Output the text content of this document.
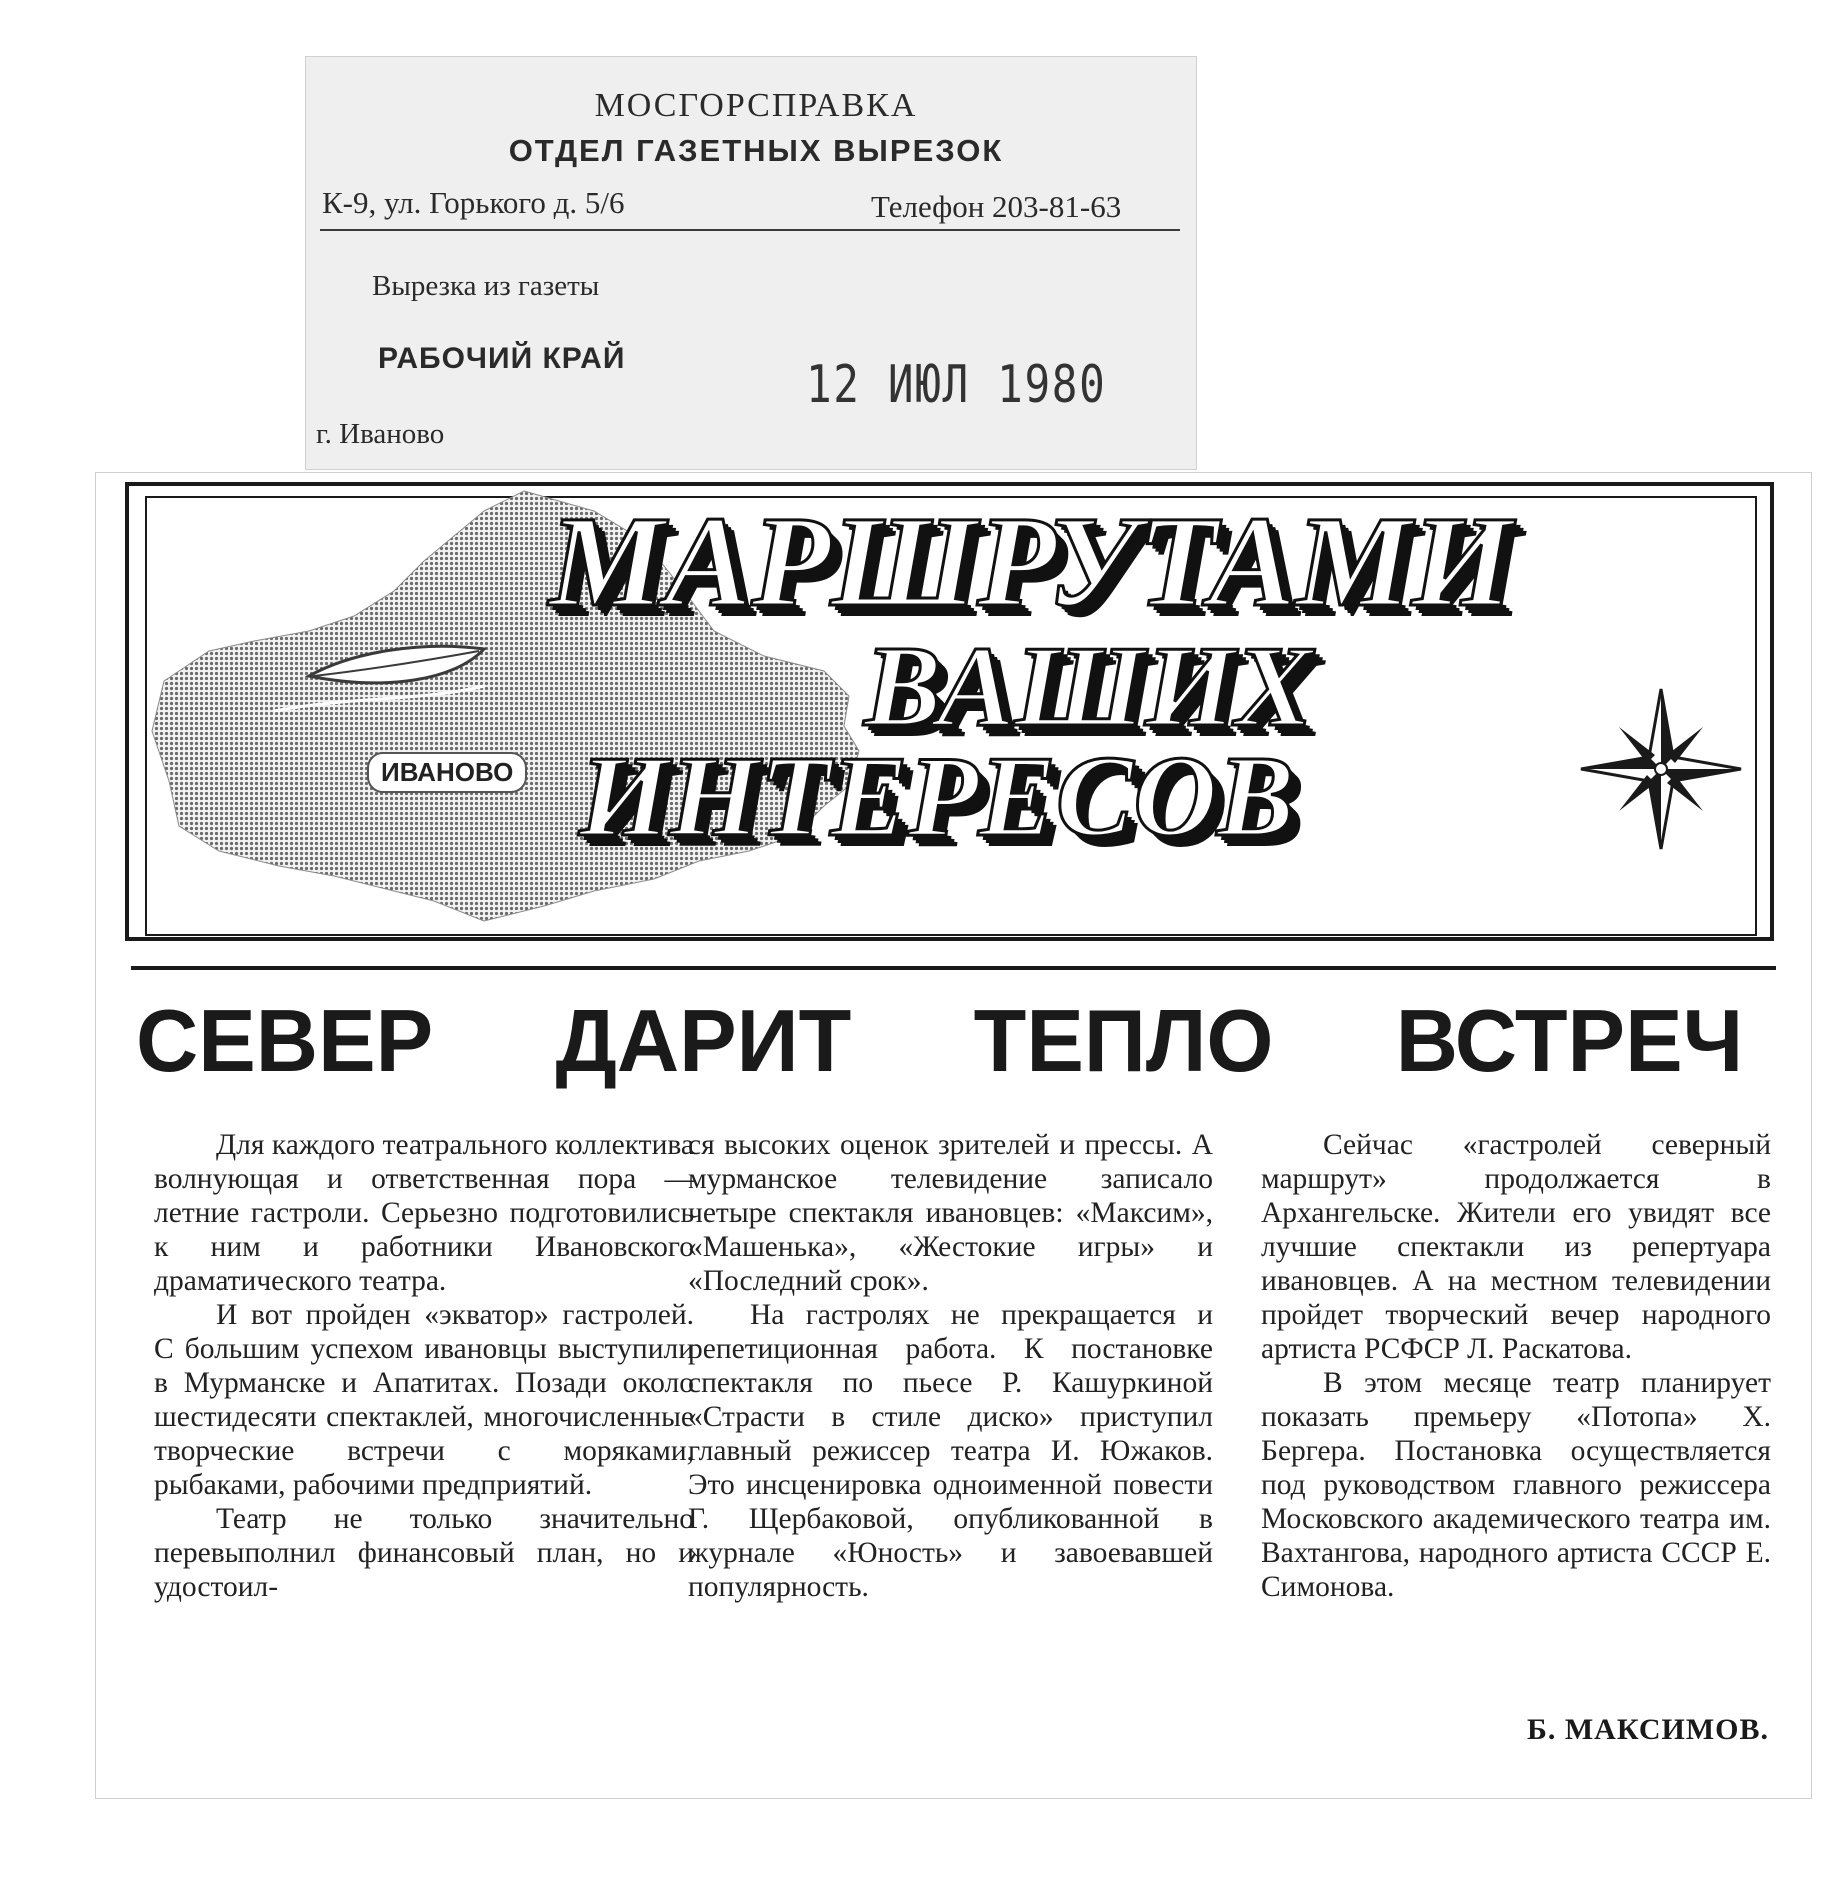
МОСГОРСПРАВКА
ОТДЕЛ ГАЗЕТНЫХ ВЫРЕЗОК
К-9, ул. Горького д. 5/6	Телефон 203-81-63
Вырезка из газеты
РАБОЧИЙ КРАЙ	12 ИЮЛ 1980
г. Иваново
ИВАНОВО
МАРШРУТАМИ
ВАШИХ
ИНТЕРЕСОВ
СЕВЕР ДАРИТ ТЕПЛО ВСТРЕЧ

Для каждого театрального коллектива волнующая и ответственная пора — летние гастроли. Серьезно подготовились к ним и работники Ивановского драматического театра.

И вот пройден «экватор» гастролей. С большим успехом ивановцы выступили в Мурманске и Апатитах. Позади около шестидесяти спектаклей, многочисленные творческие встречи с моряками, рыбаками, рабочими предприятий.

Театр не только значительно перевыполнил финансовый план, но и удостоил-

ся высоких оценок зрителей и прессы. А мурманское телевидение записало четыре спектакля ивановцев: «Максим», «Машенька», «Жестокие игры» и «Последний срок».

На гастролях не прекращается и репетиционная работа. К постановке спектакля по пьесе Р. Кашуркиной «Страсти в стиле диско» приступил главный режиссер театра И. Южаков. Это инсценировка одноименной повести Г. Щербаковой, опубликованной в журнале «Юность» и завоевавшей популярность.

Сейчас «гастролей северный маршрут» продолжается в Архангельске. Жители его увидят все лучшие спектакли из репертуара ивановцев. А на местном телевидении пройдет творческий вечер народного артиста РСФСР Л. Раскатова.

В этом месяце театр планирует показать премьеру «Потопа» Х. Бергера. Постановка осуществляется под руководством главного режиссера Московского академического театра им. Вахтангова, народного артиста СССР Е. Симонова.

Б. МАКСИМОВ.
